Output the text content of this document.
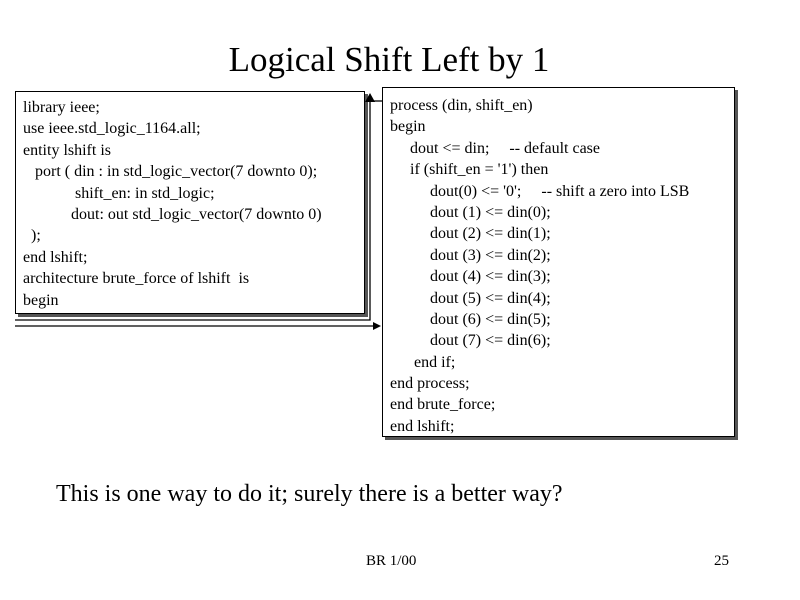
Logical Shift Left by 1
library ieee;
use ieee.std_logic_1164.all;
entity lshift is
port ( din : in std_logic_vector(7 downto 0);
shift_en: in std_logic;
dout: out std_logic_vector(7 downto 0)
);
end lshift;
architecture brute_force of lshift  is
begin
process (din, shift_en)
begin
dout <= din;     -- default case
if (shift_en = '1') then
dout(0) <= '0';     -- shift a zero into LSB
dout (1) <= din(0);
dout (2) <= din(1);
dout (3) <= din(2);
dout (4) <= din(3);
dout (5) <= din(4);
dout (6) <= din(5);
dout (7) <= din(6);
end if;
end process;
end brute_force;
end lshift;
This is one way to do it; surely there is a better way?
BR 1/00	25
